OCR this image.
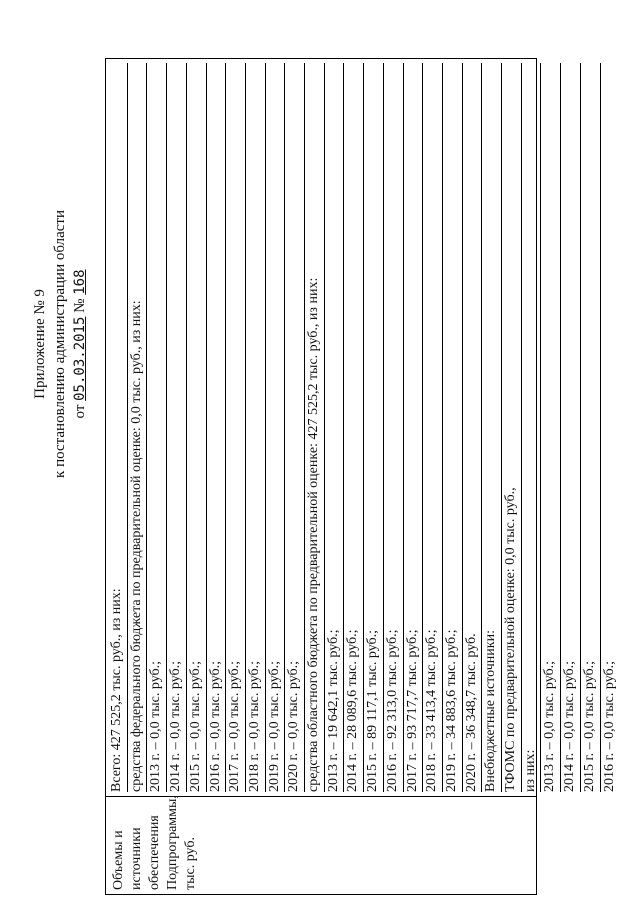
Приложение № 9 к постановлению администрации области от 05.03.2015 № 168
Объемы и источники обеспечения Подпрограммы, тыс. руб.
Всего: 427 525,2 тыс. руб., из них: средства федерального бюджета по предварительной оценке: 0,0 тыс. руб., из них: 2013 г. – 0,0 тыс. руб.; 2014 г. – 0,0 тыс. руб.; 2015 г. – 0,0 тыс. руб.; 2016 г. – 0,0 тыс. руб.; 2017 г. – 0,0 тыс. руб.; 2018 г. – 0,0 тыс. руб.; 2019 г. – 0,0 тыс. руб.; 2020 г. – 0,0 тыс. руб.; средства областного бюджета по предварительной оценке: 427 525,2 тыс. руб., из них: 2013 г. – 19 642,1 тыс. руб.; 2014 г. – 28 089,6 тыс. руб.; 2015 г. – 89 117,1 тыс. руб.; 2016 г. – 92 313,0 тыс. руб.; 2017 г. – 93 717,7 тыс. руб.; 2018 г. – 33 413,4 тыс. руб.; 2019 г. – 34 883,6 тыс. руб.; 2020 г. – 36 348,7 тыс. руб. Внебюджетные источники: ТФОМС по предварительной оценке: 0,0 тыс. руб., из них: 2013 г. – 0,0 тыс. руб.; 2014 г. – 0,0 тыс. руб.; 2015 г. – 0,0 тыс. руб.; 2016 г. – 0,0 тыс. руб.;
